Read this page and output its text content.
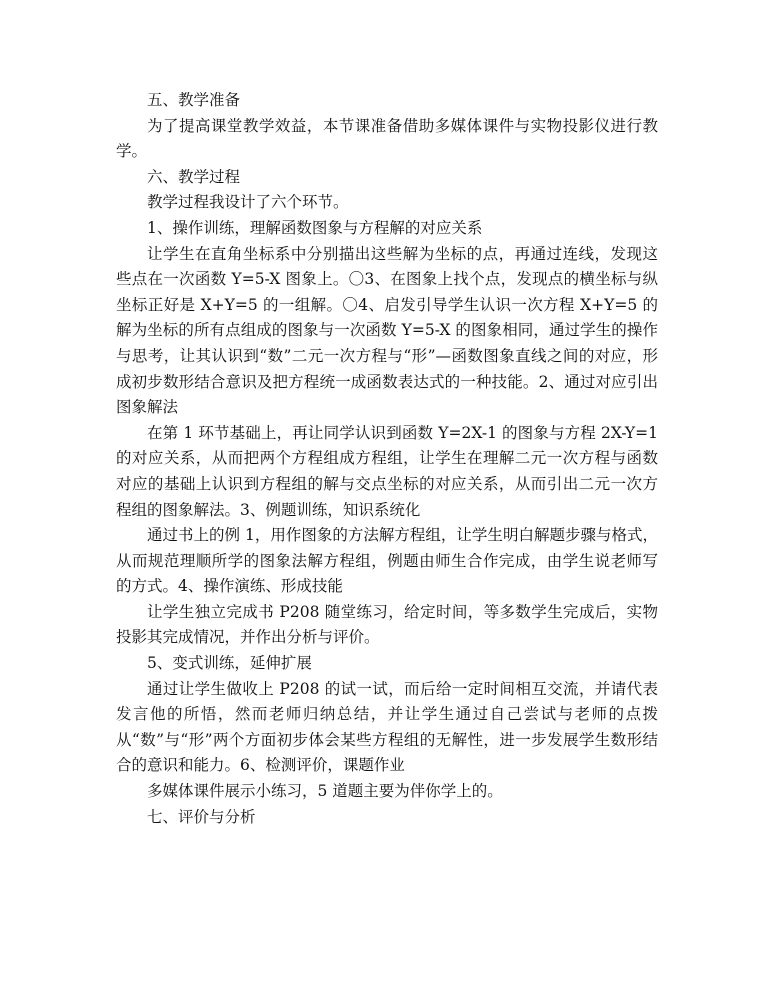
五、教学准备

为了提高课堂教学效益，本节课准备借助多媒体课件与实物投影仪进行教学。

六、教学过程

教学过程我设计了六个环节。

1、操作训练，理解函数图象与方程解的对应关系

让学生在直角坐标系中分别描出这些解为坐标的点，再通过连线，发现这些点在一次函数 Y=5-X 图象上。〇3、在图象上找个点，发现点的横坐标与纵坐标正好是 X+Y=5 的一组解。〇4、启发引导学生认识一次方程 X+Y=5 的解为坐标的所有点组成的图象与一次函数 Y=5-X 的图象相同，通过学生的操作与思考，让其认识到“数”二元一次方程与“形”—函数图象直线之间的对应，形成初步数形结合意识及把方程统一成函数表达式的一种技能。2、通过对应引出图象解法

在第 1 环节基础上，再让同学认识到函数 Y=2X-1 的图象与方程 2X-Y=1 的对应关系，从而把两个方程组成方程组，让学生在理解二元一次方程与函数对应的基础上认识到方程组的解与交点坐标的对应关系，从而引出二元一次方程组的图象解法。3、例题训练，知识系统化

通过书上的例 1，用作图象的方法解方程组，让学生明白解题步骤与格式，从而规范理顺所学的图象法解方程组，例题由师生合作完成，由学生说老师写的方式。4、操作演练、形成技能

让学生独立完成书 P208 随堂练习，给定时间，等多数学生完成后，实物投影其完成情况，并作出分析与评价。

5、变式训练，延伸扩展

通过让学生做收上 P208 的试一试，而后给一定时间相互交流，并请代表发言他的所悟，然而老师归纳总结，并让学生通过自己尝试与老师的点拨从“数”与“形”两个方面初步体会某些方程组的无解性，进一步发展学生数形结合的意识和能力。6、检测评价，课题作业

多媒体课件展示小练习，5 道题主要为伴你学上的。

七、评价与分析
